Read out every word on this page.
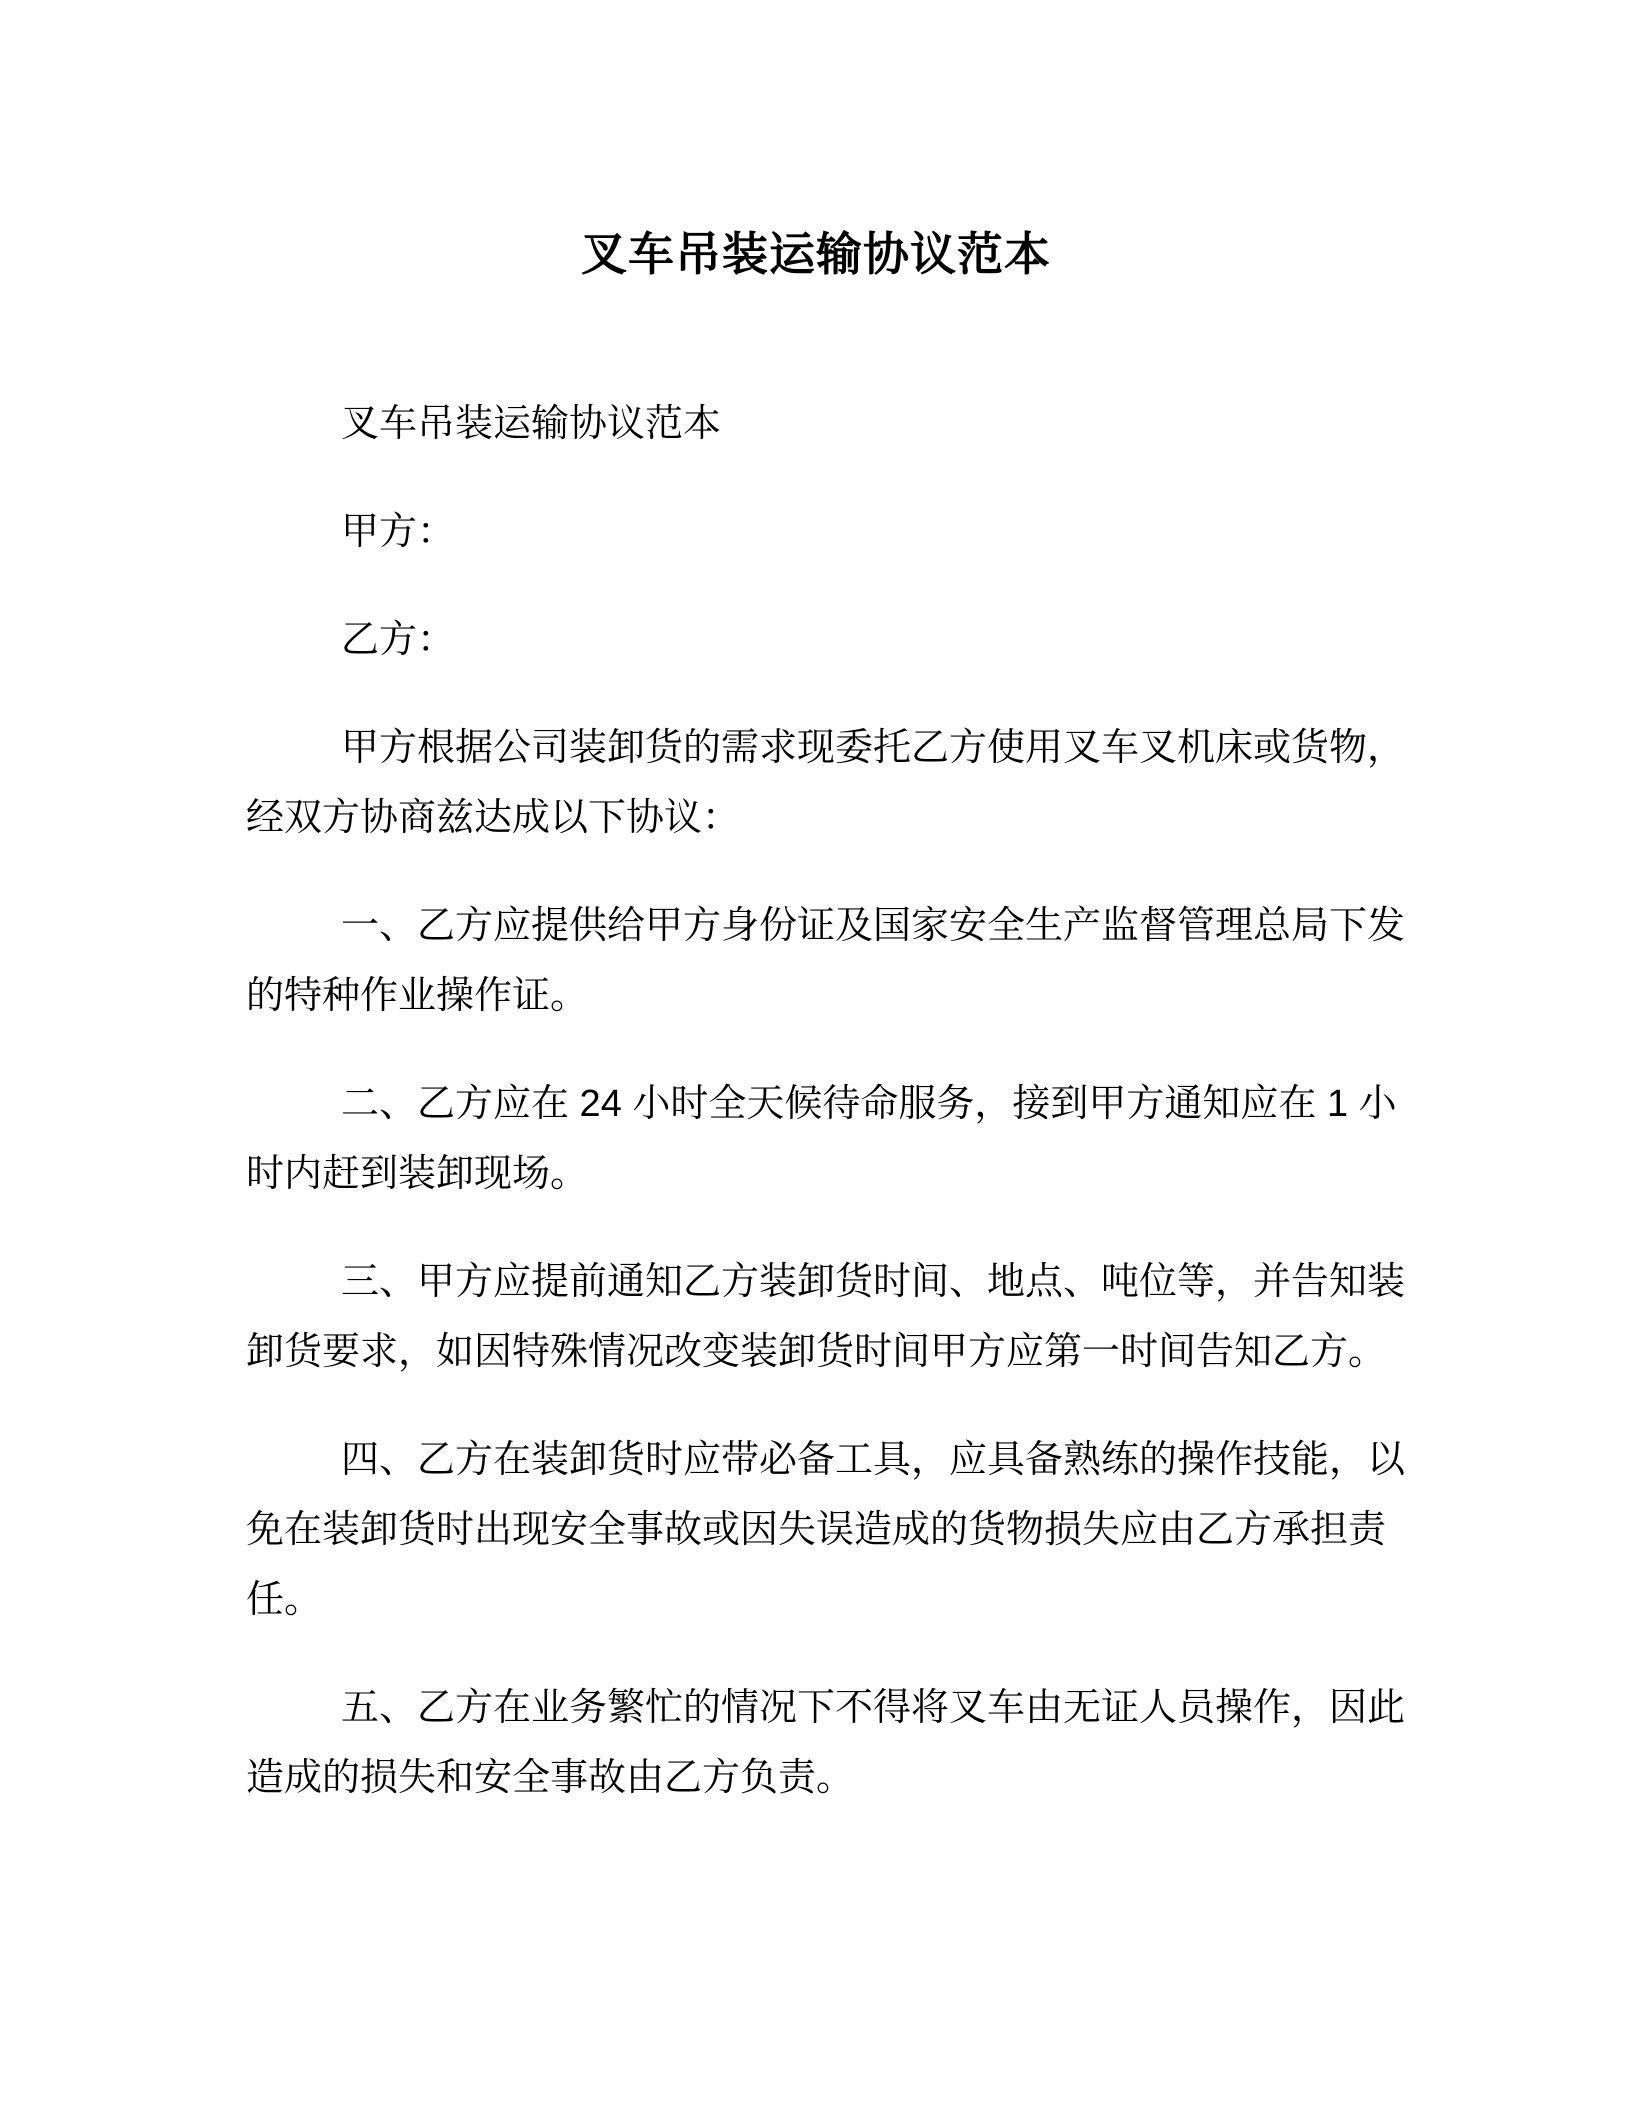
叉车吊装运输协议范本
叉车吊装运输协议范本
甲方：
乙方：
甲方根据公司装卸货的需求现委托乙方使用叉车叉机床或货物，
经双方协商兹达成以下协议：
一、乙方应提供给甲方身份证及国家安全生产监督管理总局下发
的特种作业操作证。
二、乙方应在 24 小时全天候待命服务，接到甲方通知应在 1 小
时内赶到装卸现场。
三、甲方应提前通知乙方装卸货时间、地点、吨位等，并告知装
卸货要求，如因特殊情况改变装卸货时间甲方应第一时间告知乙方。
四、乙方在装卸货时应带必备工具，应具备熟练的操作技能，以
免在装卸货时出现安全事故或因失误造成的货物损失应由乙方承担责
任。
五、乙方在业务繁忙的情况下不得将叉车由无证人员操作，因此
造成的损失和安全事故由乙方负责。
